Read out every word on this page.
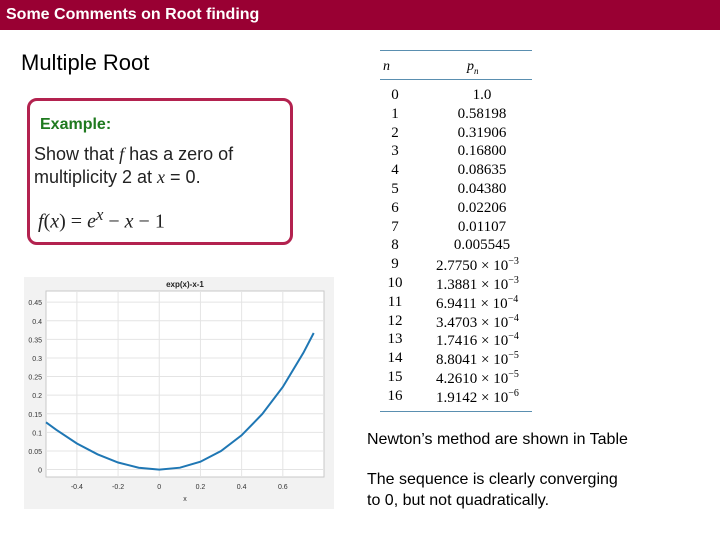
Some Comments on Root finding
Multiple Root
Example:
Show that f has a zero of
multiplicity 2 at x = 0.
$f(x) = e^x - x - 1$
0
0.05
0.1
0.15
0.2
0.25
0.3
0.35
0.4
0.45
-0.4	-0.2	0	0.2	0.4	0.6
exp(x)-x-1
x
n	$p_n$
0	1.0
1	0.58198
2	0.31906
3	0.16800
4	0.08635
5	0.04380
6	0.02206
7	0.01107
8	0.005545
9	$2.7750 \times 10^{-3}$
10	$1.3881 \times 10^{-3}$
11	$6.9411 \times 10^{-4}$
12	$3.4703 \times 10^{-4}$
13	$1.7416 \times 10^{-4}$
14	$8.8041 \times 10^{-5}$
15	$4.2610 \times 10^{-5}$
16	$1.9142 \times 10^{-6}$
Newton’s method are shown in Table
The sequence is clearly converging
to 0, but not quadratically.
